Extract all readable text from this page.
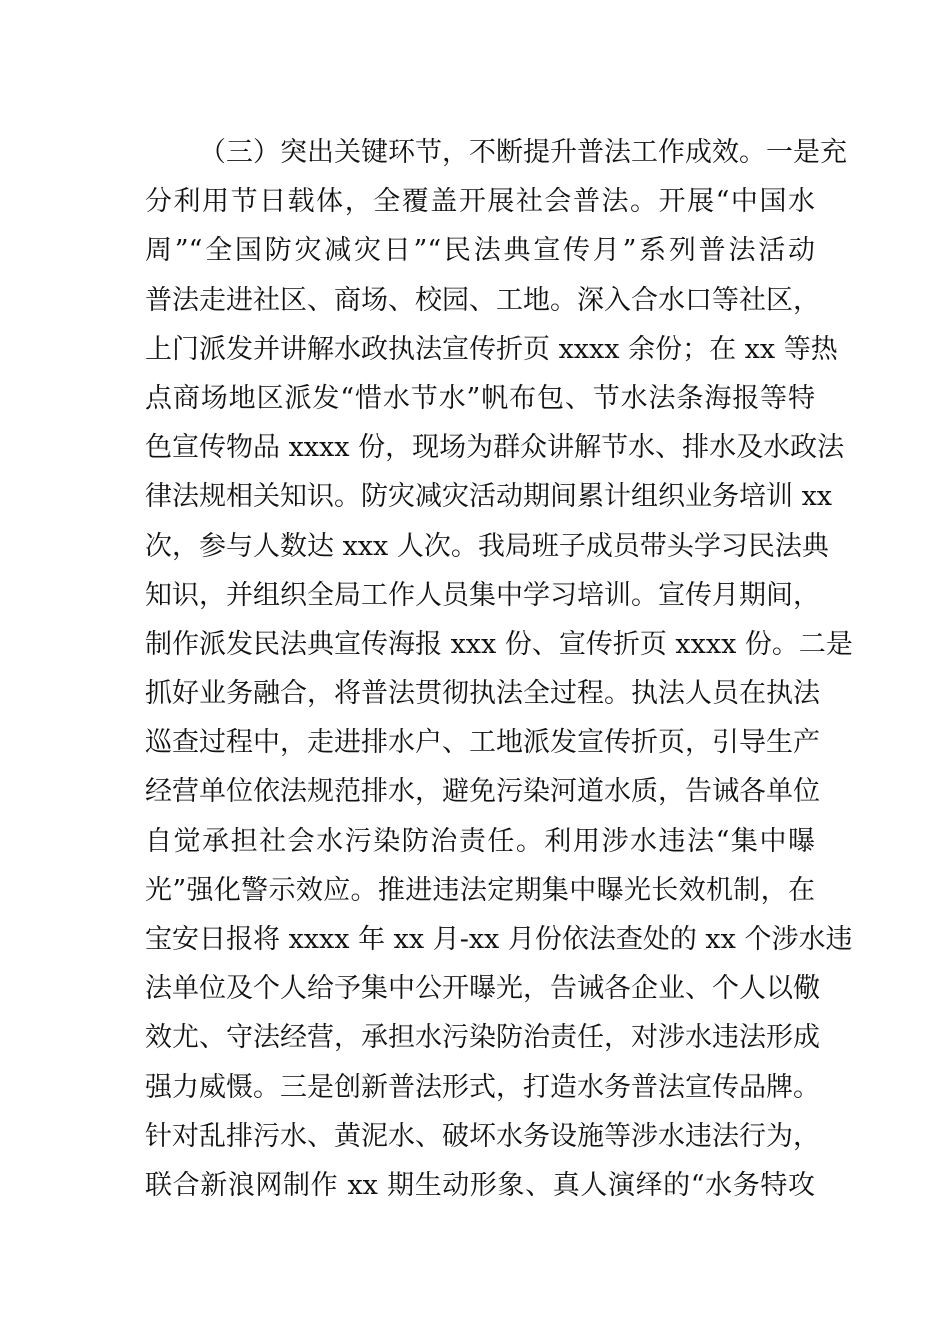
（三）突出关键环节，不断提升普法工作成效。一是充
分利用节日载体，全覆盖开展社会普法。开展“中国水
周”“全国防灾减灾日”“民法典宣传月”系列普法活动
普法走进社区、商场、校园、工地。深入合水口等社区，
上门派发并讲解水政执法宣传折页 xxxx 余份；在 xx 等热
点商场地区派发“惜水节水”帆布包、节水法条海报等特
色宣传物品 xxxx 份，现场为群众讲解节水、排水及水政法
律法规相关知识。防灾减灾活动期间累计组织业务培训 xx
次，参与人数达 xxx 人次。我局班子成员带头学习民法典
知识，并组织全局工作人员集中学习培训。宣传月期间，
制作派发民法典宣传海报 xxx 份、宣传折页 xxxx 份。二是
抓好业务融合，将普法贯彻执法全过程。执法人员在执法
巡查过程中，走进排水户、工地派发宣传折页，引导生产
经营单位依法规范排水，避免污染河道水质，告诫各单位
自觉承担社会水污染防治责任。利用涉水违法“集中曝
光”强化警示效应。推进违法定期集中曝光长效机制，在
宝安日报将 xxxx 年 xx 月-xx 月份依法查处的 xx 个涉水违
法单位及个人给予集中公开曝光，告诫各企业、个人以儆
效尤、守法经营，承担水污染防治责任，对涉水违法形成
强力威慑。三是创新普法形式，打造水务普法宣传品牌。
针对乱排污水、黄泥水、破坏水务设施等涉水违法行为，
联合新浪网制作 xx 期生动形象、真人演绎的“水务特攻
